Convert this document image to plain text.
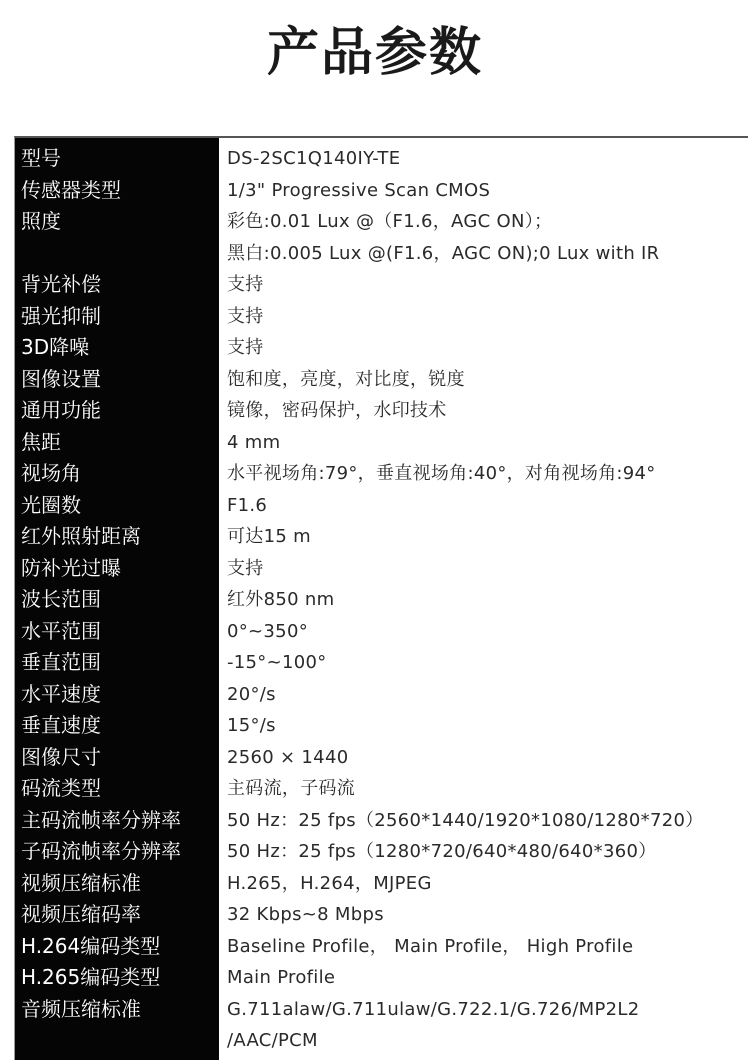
产品参数
型号	DS-2SC1Q140IY-TE
传感器类型	1/3" Progressive Scan CMOS
照度	彩色:0.01 Lux @（F1.6，AGC ON）；
黑白:0.005 Lux @(F1.6，AGC ON);0 Lux with IR
背光补偿	支持
强光抑制	支持
3D降噪	支持
图像设置	饱和度，亮度，对比度，锐度
通用功能	镜像，密码保护，水印技术
焦距	4 mm
视场角	水平视场角:79°，垂直视场角:40°，对角视场角:94°
光圈数	F1.6
红外照射距离	可达15 m
防补光过曝	支持
波长范围	红外850 nm
水平范围	0°~350°
垂直范围	-15°~100°
水平速度	20°/s
垂直速度	15°/s
图像尺寸	2560 × 1440
码流类型	主码流，子码流
主码流帧率分辨率	50 Hz：25 fps（2560*1440/1920*1080/1280*720）
子码流帧率分辨率	50 Hz：25 fps（1280*720/640*480/640*360）
视频压缩标准	H.265，H.264，MJPEG
视频压缩码率	32 Kbps~8 Mbps
H.264编码类型	Baseline Profile， Main Profile， High Profile
H.265编码类型	Main Profile
音频压缩标准	G.711alaw/G.711ulaw/G.722.1/G.726/MP2L2
/AAC/PCM
